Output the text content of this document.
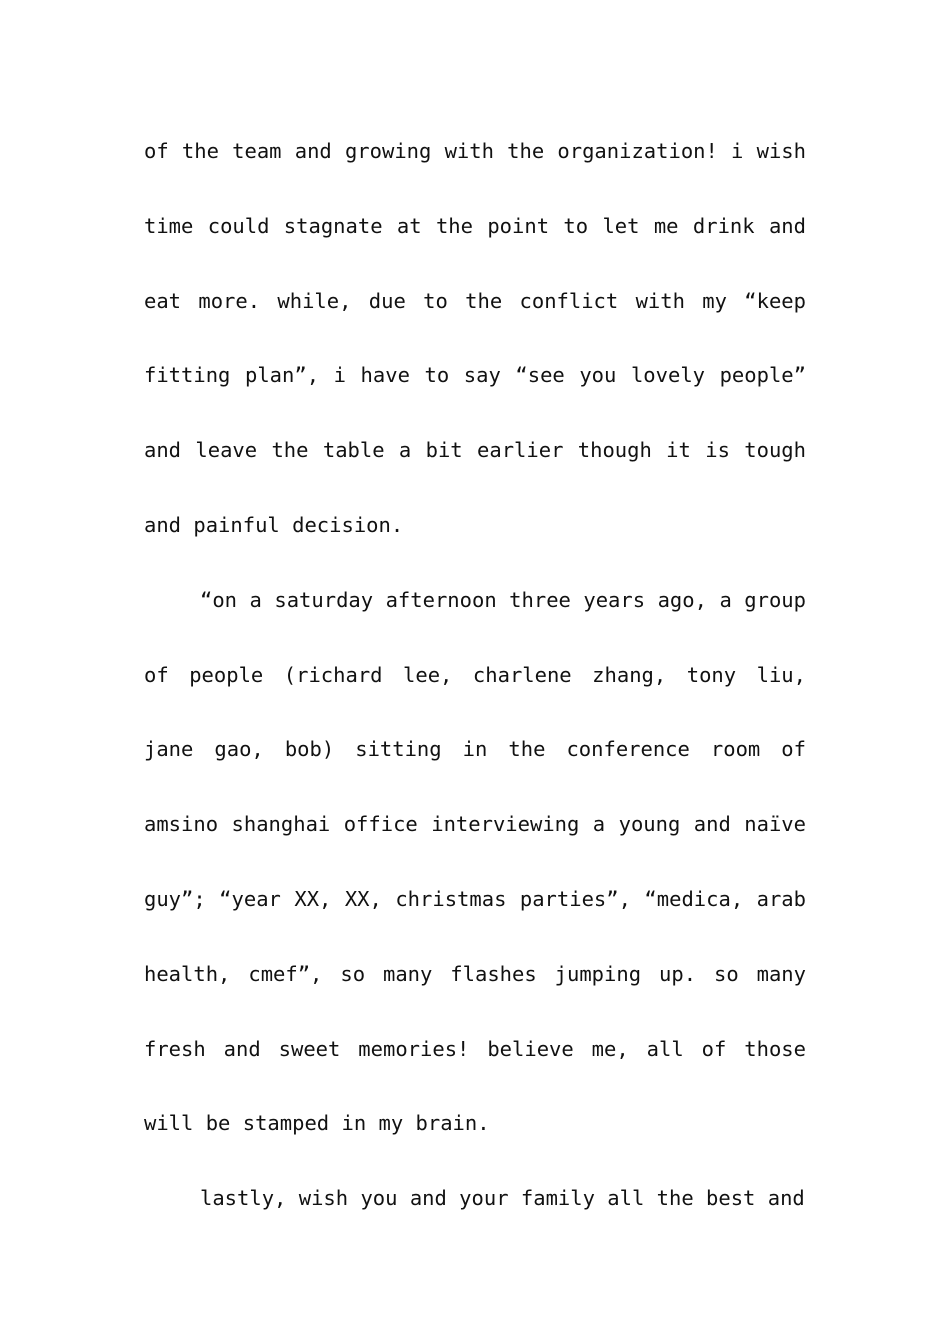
of the team and growing with the organization! i wish time could stagnate at the point to let me drink and eat more. while, due to the conflict with my “keep fitting plan”, i have to say “see you lovely people” and leave the table a bit earlier though it is tough and painful decision.

“on a saturday afternoon three years ago, a group of people (richard lee, charlene zhang, tony liu, jane gao, bob) sitting in the conference room of amsino shanghai office interviewing a young and naïve guy”; “year XX, XX, christmas parties”, “medica, arab health, cmef”, so many flashes jumping up. so many fresh and sweet memories! believe me, all of those will be stamped in my brain.

lastly, wish you and your family all the best and
